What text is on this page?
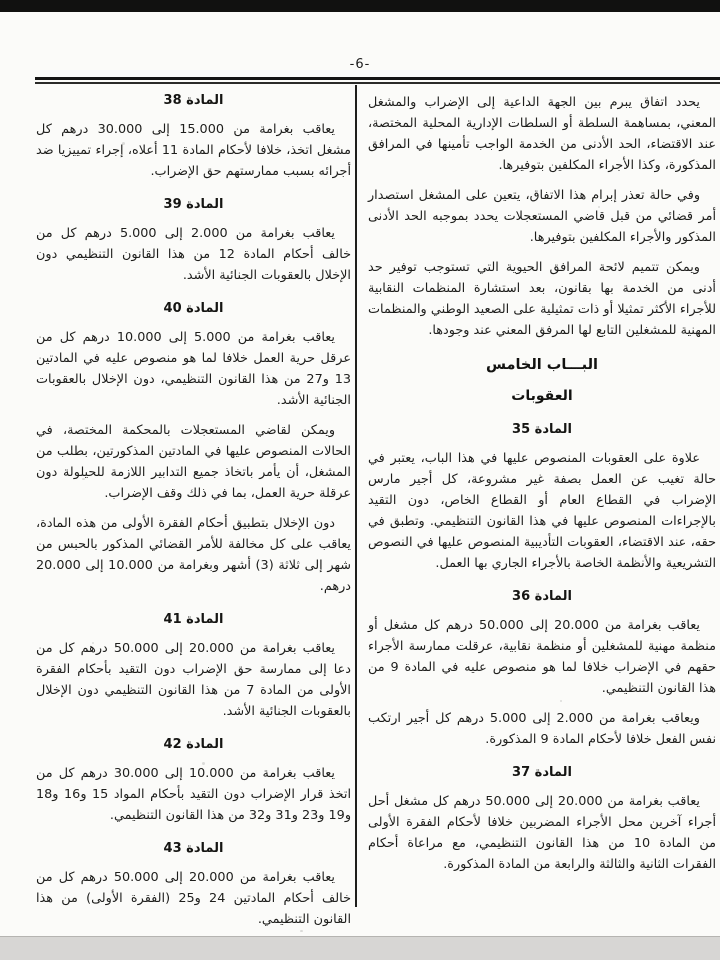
-6-
المادة 38

يعاقب بغرامة من 15.000 إلى 30.000 درهم كل مشغل اتخذ، خلافا لأحكام المادة 11 أعلاه، إجراء تمييزيا ضد أجرائه بسبب ممارستهم حق الإضراب.

المادة 39

يعاقب بغرامة من 2.000 إلى 5.000 درهم كل من خالف أحكام المادة 12 من هذا القانون التنظيمي دون الإخلال بالعقوبات الجنائية الأشد.

المادة 40

يعاقب بغرامة من 5.000 إلى 10.000 درهم كل من عرقل حرية العمل خلافا لما هو منصوص عليه في المادتين 13 و27 من هذا القانون التنظيمي، دون الإخلال بالعقوبات الجنائية الأشد.

ويمكن لقاضي المستعجلات بالمحكمة المختصة، في الحالات المنصوص عليها في المادتين المذكورتين، بطلب من المشغل، أن يأمر باتخاذ جميع التدابير اللازمة للحيلولة دون عرقلة حرية العمل، بما في ذلك وقف الإضراب.

دون الإخلال بتطبيق أحكام الفقرة الأولى من هذه المادة، يعاقب على كل مخالفة للأمر القضائي المذكور بالحبس من شهر إلى ثلاثة (3) أشهر وبغرامة من 10.000 إلى 20.000 درهم.

المادة 41

يعاقب بغرامة من 20.000 إلى 50.000 درهم كل من دعا إلى ممارسة حق الإضراب دون التقيد بأحكام الفقرة الأولى من المادة 7 من هذا القانون التنظيمي دون الإخلال بالعقوبات الجنائية الأشد.

المادة 42

يعاقب بغرامة من 10.000 إلى 30.000 درهم كل من اتخذ قرار الإضراب دون التقيد بأحكام المواد 15 و16 و18 و19 و23 و31 و32 من هذا القانون التنظيمي.

المادة 43

يعاقب بغرامة من 20.000 إلى 50.000 درهم كل من خالف أحكام المادتين 24 و25 (الفقرة الأولى) من هذا القانون التنظيمي.

يحدد اتفاق يبرم بين الجهة الداعية إلى الإضراب والمشغل المعني، بمساهمة السلطة أو السلطات الإدارية المحلية المختصة، عند الاقتضاء، الحد الأدنى من الخدمة الواجب تأمينها في المرافق المذكورة، وكذا الأجراء المكلفين بتوفيرها.

وفي حالة تعذر إبرام هذا الاتفاق، يتعين على المشغل استصدار أمر قضائي من قبل قاضي المستعجلات يحدد بموجبه الحد الأدنى المذكور والأجراء المكلفين بتوفيرها.

ويمكن تتميم لائحة المرافق الحيوية التي تستوجب توفير حد أدنى من الخدمة بها بقانون، بعد استشارة المنظمات النقابية للأجراء الأكثر تمثيلا أو ذات تمثيلية على الصعيد الوطني والمنظمات المهنية للمشغلين التابع لها المرفق المعني عند وجودها.

البـــاب الخامس
العقوبات
المادة 35

علاوة على العقوبات المنصوص عليها في هذا الباب، يعتبر في حالة تغيب عن العمل بصفة غير مشروعة، كل أجير مارس الإضراب في القطاع العام أو القطاع الخاص، دون التقيد بالإجراءات المنصوص عليها في هذا القانون التنظيمي. وتطبق في حقه، عند الاقتضاء، العقوبات التأديبية المنصوص عليها في النصوص التشريعية والأنظمة الخاصة بالأجراء الجاري بها العمل.

المادة 36

يعاقب بغرامة من 20.000 إلى 50.000 درهم كل مشغل أو منظمة مهنية للمشغلين أو منظمة نقابية، عرقلت ممارسة الأجراء حقهم في الإضراب خلافا لما هو منصوص عليه في المادة 9 من هذا القانون التنظيمي.

ويعاقب بغرامة من 2.000 إلى 5.000 درهم كل أجير ارتكب نفس الفعل خلافا لأحكام المادة 9 المذكورة.

المادة 37

يعاقب بغرامة من 20.000 إلى 50.000 درهم كل مشغل أحل أجراء آخرين محل الأجراء المضربين خلافا لأحكام الفقرة الأولى من المادة 10 من هذا القانون التنظيمي، مع مراعاة أحكام الفقرات الثانية والثالثة والرابعة من المادة المذكورة.
